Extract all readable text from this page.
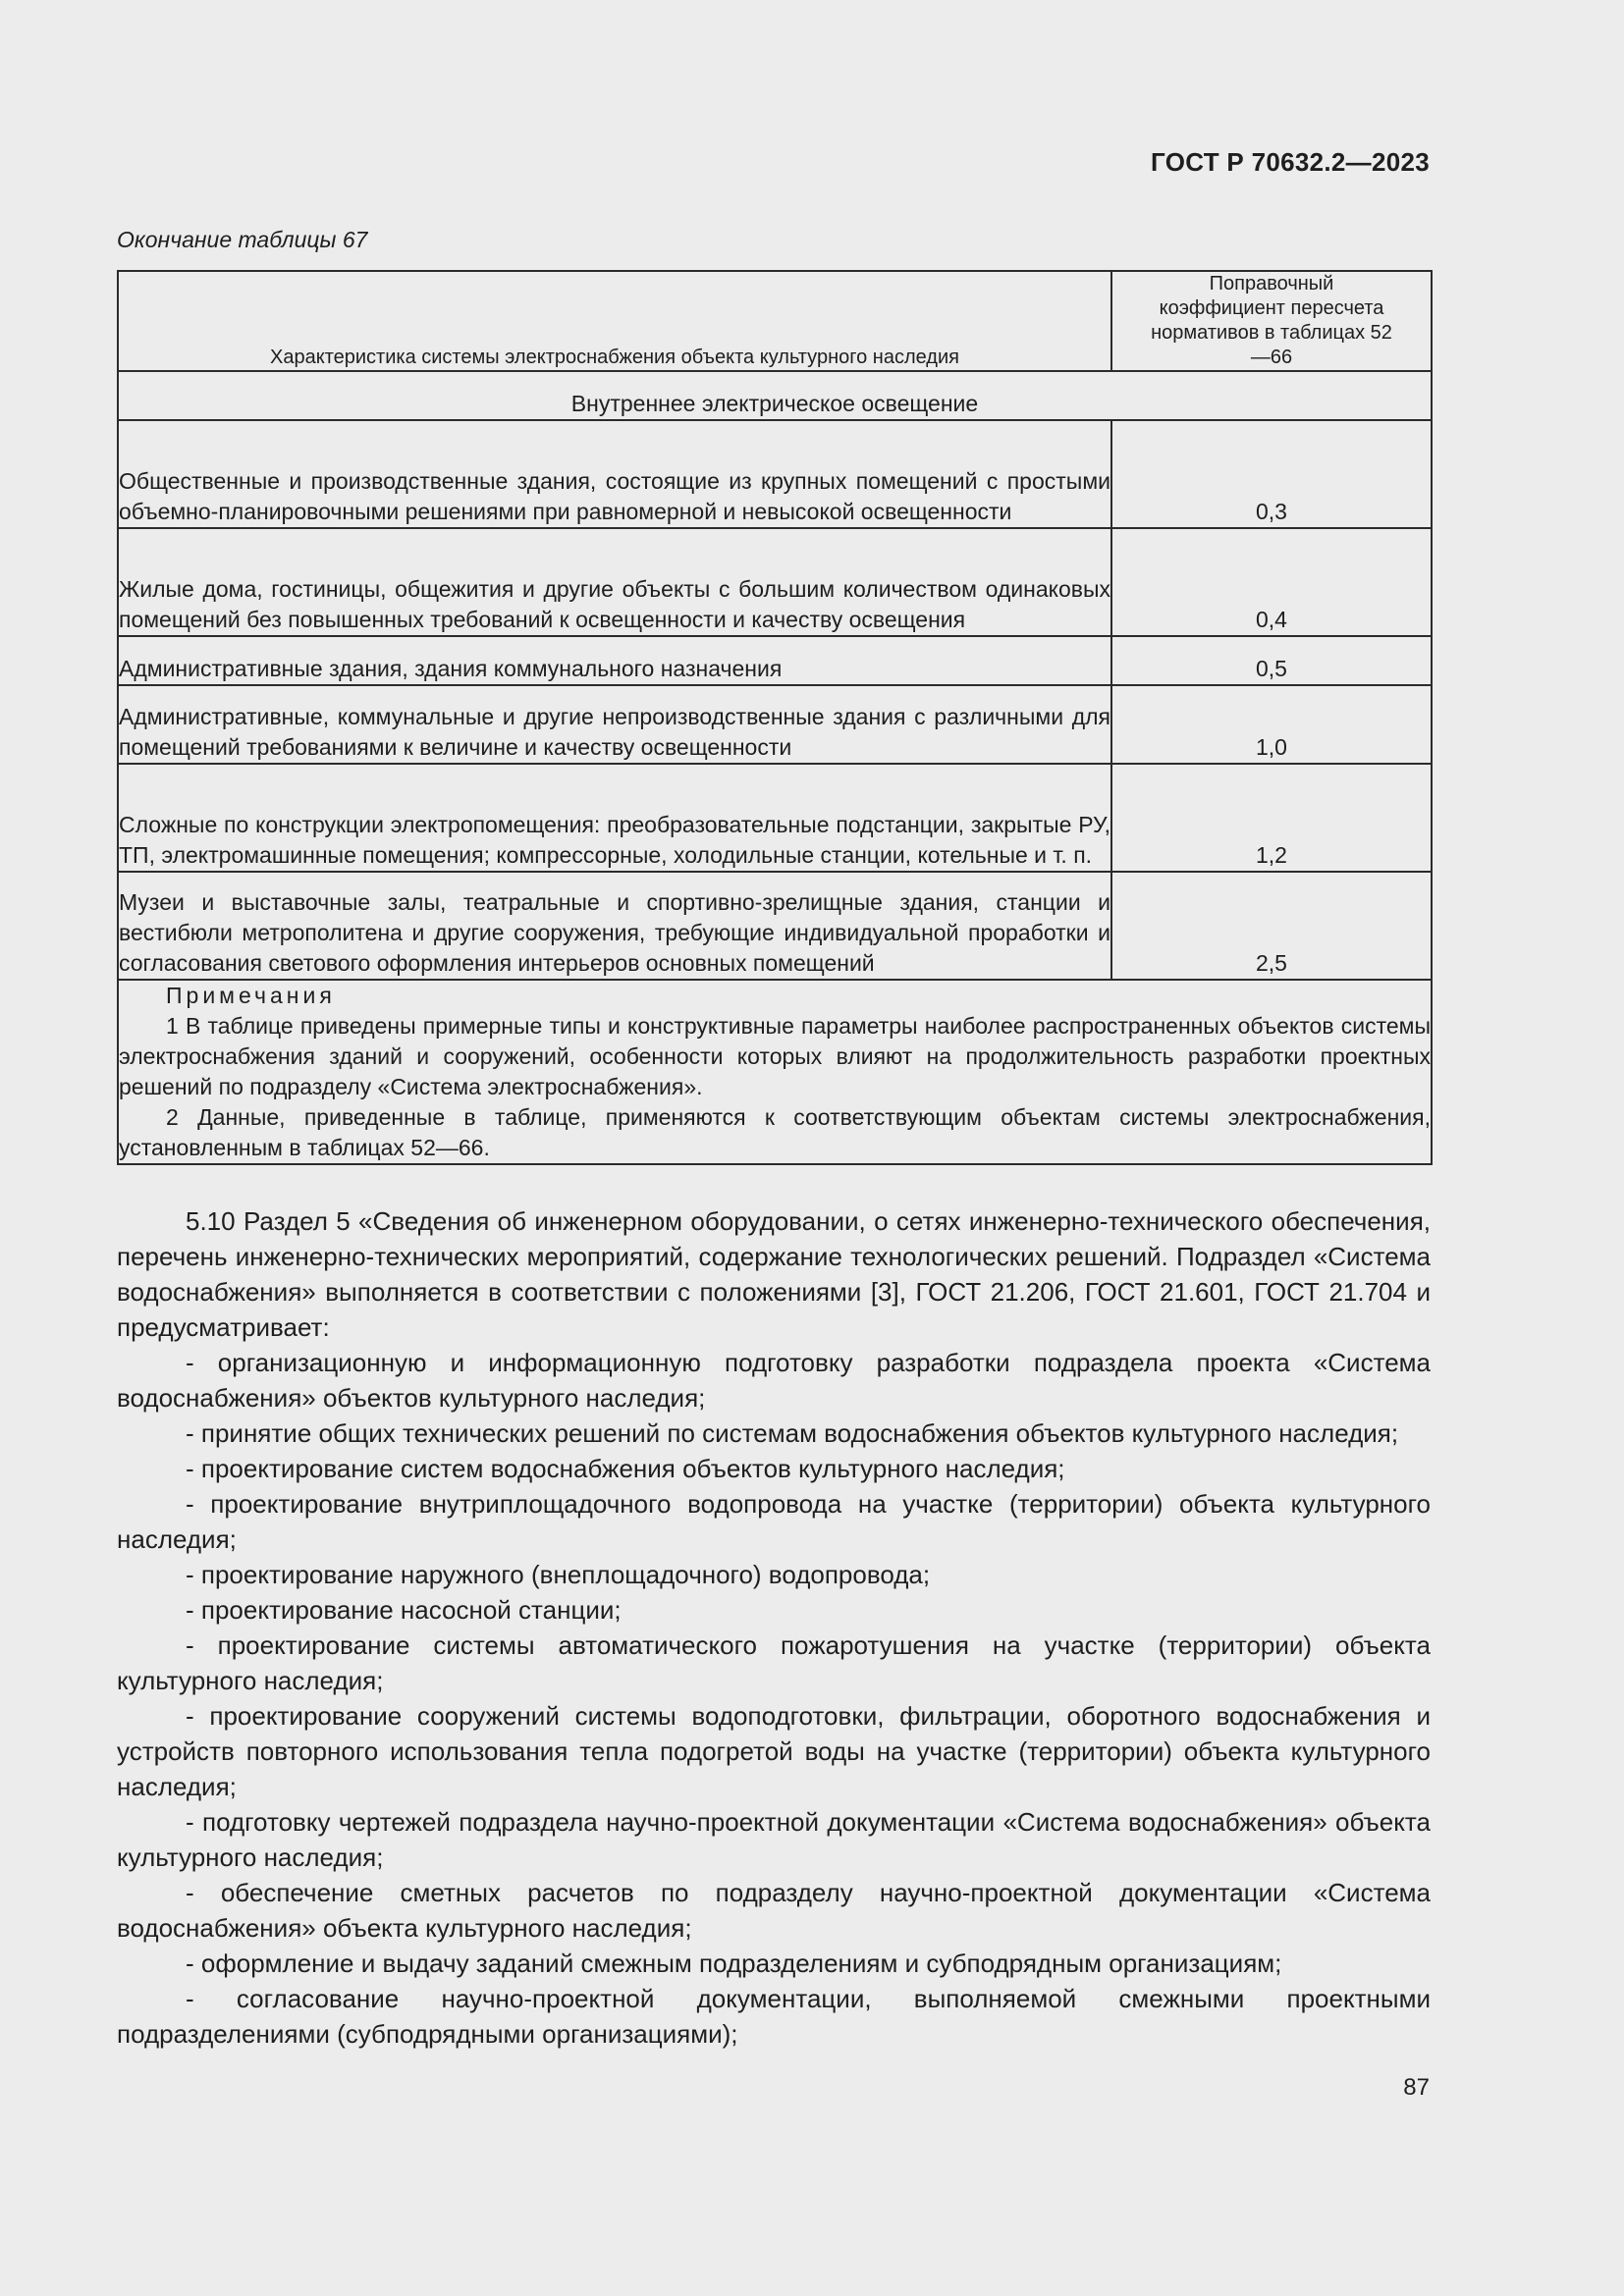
ГОСТ Р 70632.2—2023
Окончание таблицы 67
Характеристика системы электроснабжения объекта культурного наследия	Поправочный коэффициент пересчета нормативов в таблицах 52—66

Внутреннее электрическое освещение	
Общественные и производственные здания, состоящие из крупных помещений с простыми объемно-планировочными решениями при равномерной и невысокой освещенности	0,3
Жилые дома, гостиницы, общежития и другие объекты с большим количеством одинаковых помещений без повышенных требований к освещенности и качеству освещения	0,4
Административные здания, здания коммунального назначения	0,5
Административные, коммунальные и другие непроизводственные здания с различными для помещений требованиями к величине и качеству освещенности	1,0
Сложные по конструкции электропомещения: преобразовательные подстанции, закрытые РУ, ТП, электромашинные помещения; компрессорные, холодильные станции, котельные и т. п.	1,2
Музеи и выставочные залы, театральные и спортивно-зрелищные здания, станции и вестибюли метрополитена и другие сооружения, требующие индивидуальной проработки и согласования светового оформления интерьеров основных помещений	2,5

Примечания

1 В таблице приведены примерные типы и конструктивные параметры наиболее распространенных объектов системы электроснабжения зданий и сооружений, особенности которых влияют на продолжительность разработки проектных решений по подразделу «Система электроснабжения».

2 Данные, приведенные в таблице, применяются к соответствующим объектам системы электроснабжения, установленным в таблицах 52—66.	

5.10 Раздел 5 «Сведения об инженерном оборудовании, о сетях инженерно-технического обеспечения, перечень инженерно-технических мероприятий, содержание технологических решений. Подраздел «Система водоснабжения» выполняется в соответствии с положениями [3], ГОСТ 21.206, ГОСТ 21.601, ГОСТ 21.704 и предусматривает:

- организационную и информационную подготовку разработки подраздела проекта «Система водоснабжения» объектов культурного наследия;

- принятие общих технических решений по системам водоснабжения объектов культурного наследия;

- проектирование систем водоснабжения объектов культурного наследия;

- проектирование внутриплощадочного водопровода на участке (территории) объекта культурного наследия;

- проектирование наружного (внеплощадочного) водопровода;

- проектирование насосной станции;

- проектирование системы автоматического пожаротушения на участке (территории) объекта культурного наследия;

- проектирование сооружений системы водоподготовки, фильтрации, оборотного водоснабжения и устройств повторного использования тепла подогретой воды на участке (территории) объекта культурного наследия;

- подготовку чертежей подраздела научно-проектной документации «Система водоснабжения» объекта культурного наследия;

- обеспечение сметных расчетов по подразделу научно-проектной документации «Система водоснабжения» объекта культурного наследия;

- оформление и выдачу заданий смежным подразделениям и субподрядным организациям;

- согласование научно-проектной документации, выполняемой смежными проектными подразделениями (субподрядными организациями);

87
